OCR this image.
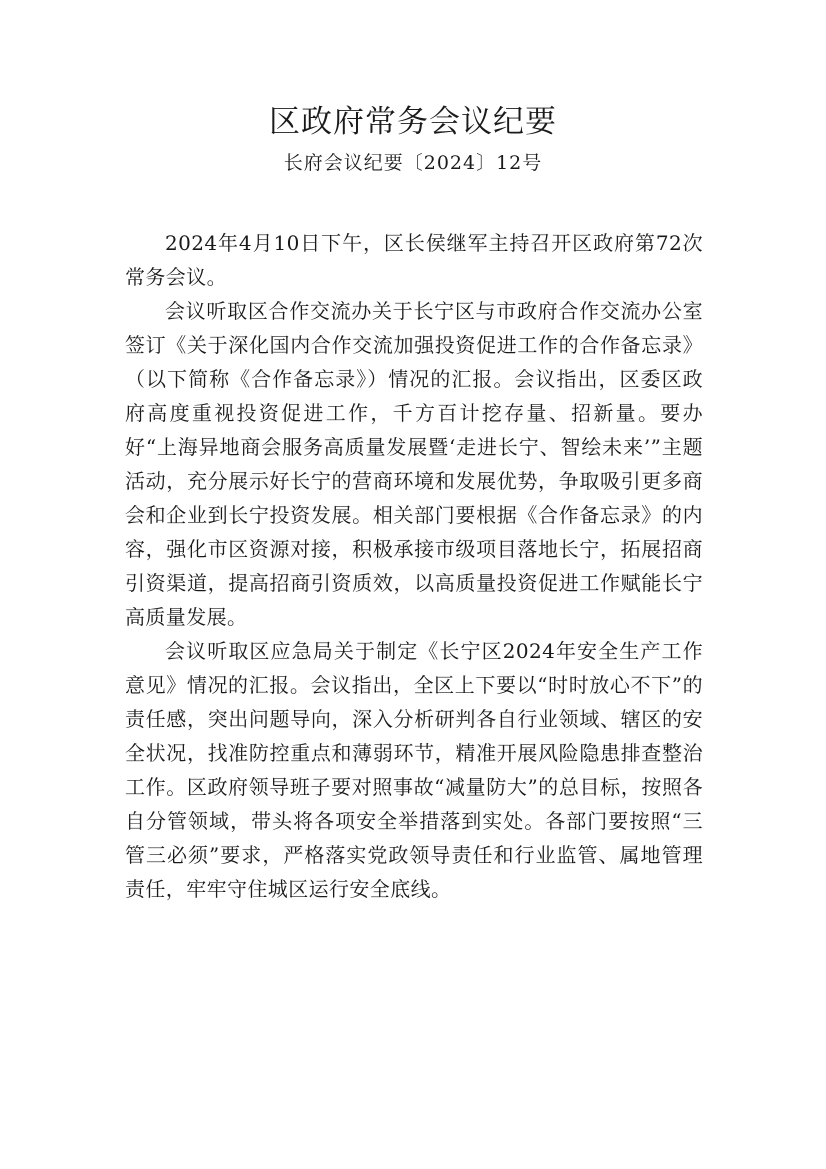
区政府常务会议纪要
长府会议纪要〔2024〕12号

2024年4月10日下午，区长侯继军主持召开区政府第72次常务会议。

会议听取区合作交流办关于长宁区与市政府合作交流办公室签订《关于深化国内合作交流加强投资促进工作的合作备忘录》（以下简称《合作备忘录》）情况的汇报。会议指出，区委区政府高度重视投资促进工作，千方百计挖存量、招新量。要办好“上海异地商会服务高质量发展暨‘走进长宁、智绘未来’”主题活动，充分展示好长宁的营商环境和发展优势，争取吸引更多商会和企业到长宁投资发展。相关部门要根据《合作备忘录》的内容，强化市区资源对接，积极承接市级项目落地长宁，拓展招商引资渠道，提高招商引资质效，以高质量投资促进工作赋能长宁高质量发展。

会议听取区应急局关于制定《长宁区2024年安全生产工作意见》情况的汇报。会议指出，全区上下要以“时时放心不下”的责任感，突出问题导向，深入分析研判各自行业领域、辖区的安全状况，找准防控重点和薄弱环节，精准开展风险隐患排查整治工作。区政府领导班子要对照事故“减量防大”的总目标，按照各自分管领域，带头将各项安全举措落到实处。各部门要按照“三管三必须”要求，严格落实党政领导责任和行业监管、属地管理责任，牢牢守住城区运行安全底线。
